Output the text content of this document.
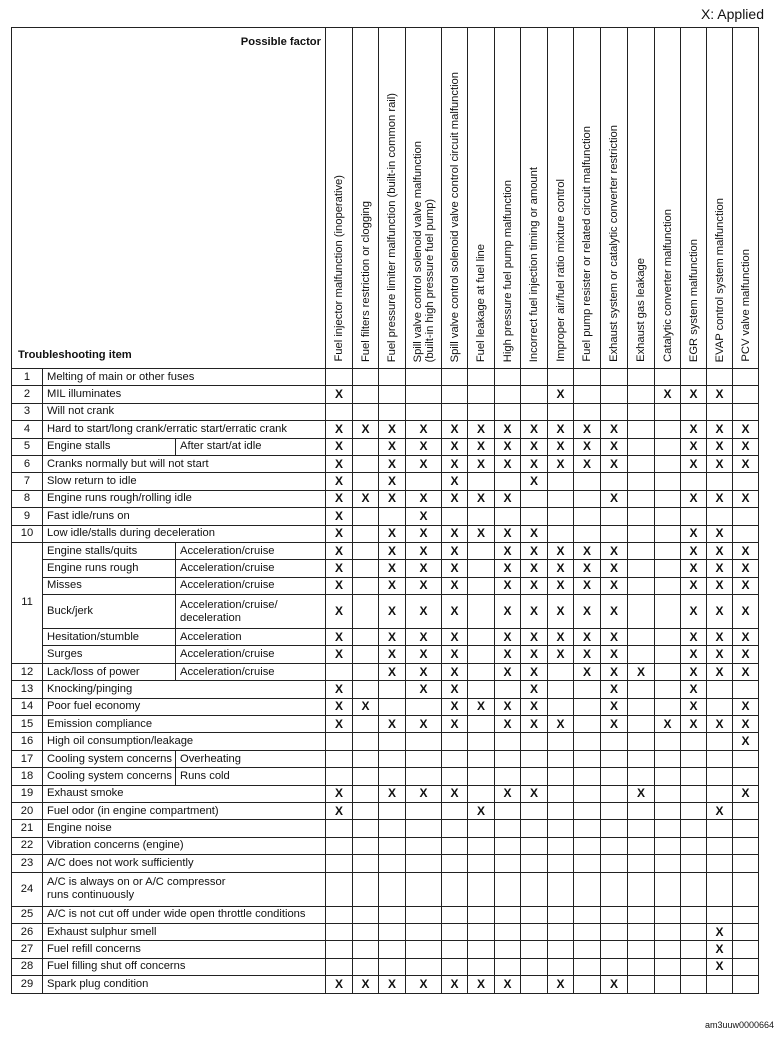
X: Applied
Possible factor
Troubleshooting item			Fuel injector malfunction (inoperative)	Fuel filters restriction or clogging	Fuel pressure limiter malfunction (built-in common rail)	Spill valve control solenoid valve malfunction
(built-in high pressure fuel pump)	Spill valve control solenoid valve control circuit malfunction	Fuel leakage at fuel line	High pressure fuel pump malfunction	Incorrect fuel injection timing or amount	Improper air/fuel ratio mixture control	Fuel pump resister or related circuit malfunction	Exhaust system or catalytic converter restriction	Exhaust gas leakage	Catalytic converter malfunction	EGR system malfunction	EVAP control system malfunction	PCV valve malfunction

1	Melting of main or other fuses																	
2	MIL illuminates		X								X				X	X	X	
3	Will not crank																	
4	Hard to start/long crank/erratic start/erratic crank		X	X	X	X	X	X	X	X	X	X	X			X	X	X
5	Engine stalls	After start/at idle	X		X	X	X	X	X	X	X	X	X			X	X	X
6	Cranks normally but will not start		X		X	X	X	X	X	X	X	X	X			X	X	X
7	Slow return to idle		X		X		X			X								
8	Engine runs rough/rolling idle		X	X	X	X	X	X	X				X			X	X	X
9	Fast idle/runs on		X			X												
10	Low idle/stalls during deceleration		X		X	X	X	X	X	X						X	X	
11	Engine stalls/quits	Acceleration/cruise	X		X	X	X		X	X	X	X	X			X	X	X
	Engine runs rough	Acceleration/cruise	X		X	X	X		X	X	X	X	X			X	X	X
	Misses	Acceleration/cruise	X		X	X	X		X	X	X	X	X			X	X	X
	Buck/jerk	Acceleration/cruise/
deceleration	X		X	X	X		X	X	X	X	X			X	X	X
	Hesitation/stumble	Acceleration	X		X	X	X		X	X	X	X	X			X	X	X
	Surges	Acceleration/cruise	X		X	X	X		X	X	X	X	X			X	X	X
12	Lack/loss of power	Acceleration/cruise			X	X	X		X	X		X	X	X		X	X	X
13	Knocking/pinging		X			X	X			X			X			X		
14	Poor fuel economy		X	X			X	X	X	X			X			X		X
15	Emission compliance		X		X	X	X		X	X	X		X		X	X	X	X
16	High oil consumption/leakage																	X
17	Cooling system concerns	Overheating																
18	Cooling system concerns	Runs cold																
19	Exhaust smoke		X		X	X	X		X	X				X				X
20	Fuel odor (in engine compartment)		X					X									X	
21	Engine noise																	
22	Vibration concerns (engine)																	
23	A/C does not work sufficiently																	
24	A/C is always on or A/C compressor
runs continuously																	
25	A/C is not cut off under wide open throttle conditions																	
26	Exhaust sulphur smell																X	
27	Fuel refill concerns																X	
28	Fuel filling shut off concerns																X	
29	Spark plug condition		X	X	X	X	X	X	X		X		X					
am3uuw0000664
